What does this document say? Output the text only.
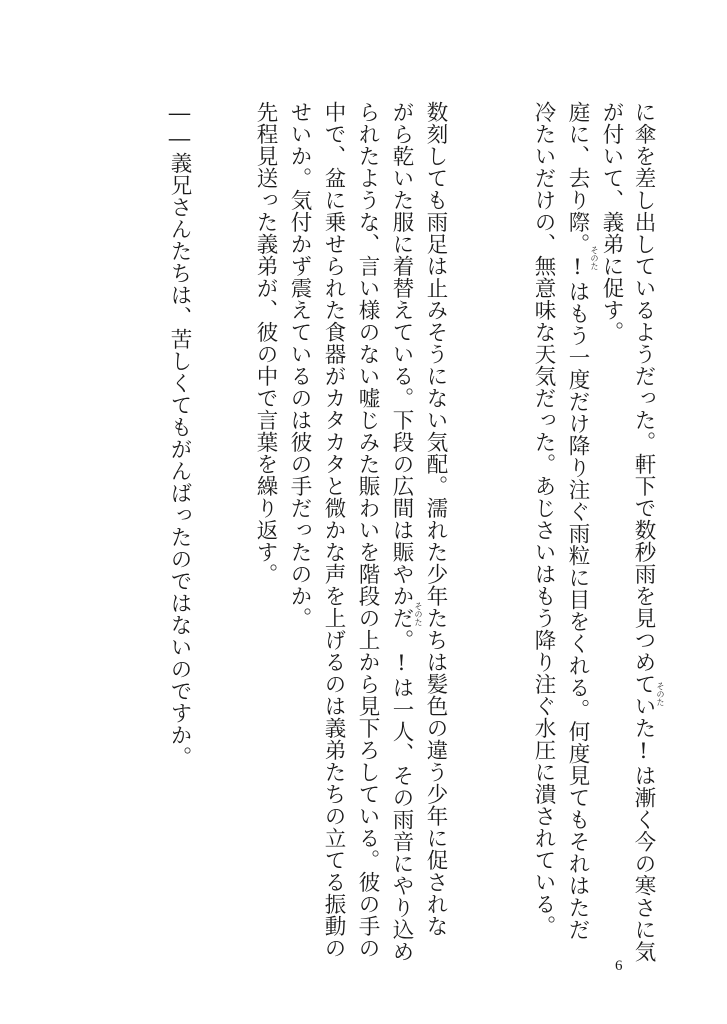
に傘を差し出しているようだった。軒下で数秒雨を見つめていた!は漸く今の寒さに気
が付いて、義弟に促す。
庭に、去り際。!はもう一度だけ降り注ぐ雨粒に目をくれる。何度見てもそれはただ
冷たいだけの、無意味な天気だった。あじさいはもう降り注ぐ水圧に潰されている。
数刻しても雨足は止みそうにない気配。濡れた少年たちは髪色の違う少年に促されな
がら乾いた服に着替えている。下段の広間は賑やかだ。!は一人、その雨音にやり込め
られたような、言い様のない嘘じみた賑わいを階段の上から見下ろしている。彼の手の
中で、盆に乗せられた食器がカタカタと微かな声を上げるのは義弟たちの立てる振動の
せいか。気付かず震えているのは彼の手だったのか。
先程見送った義弟が、彼の中で言葉を繰り返す。
――義兄さんたちは、苦しくてもがんばったのではないのですか。	そのた
そのた
そのた
6
